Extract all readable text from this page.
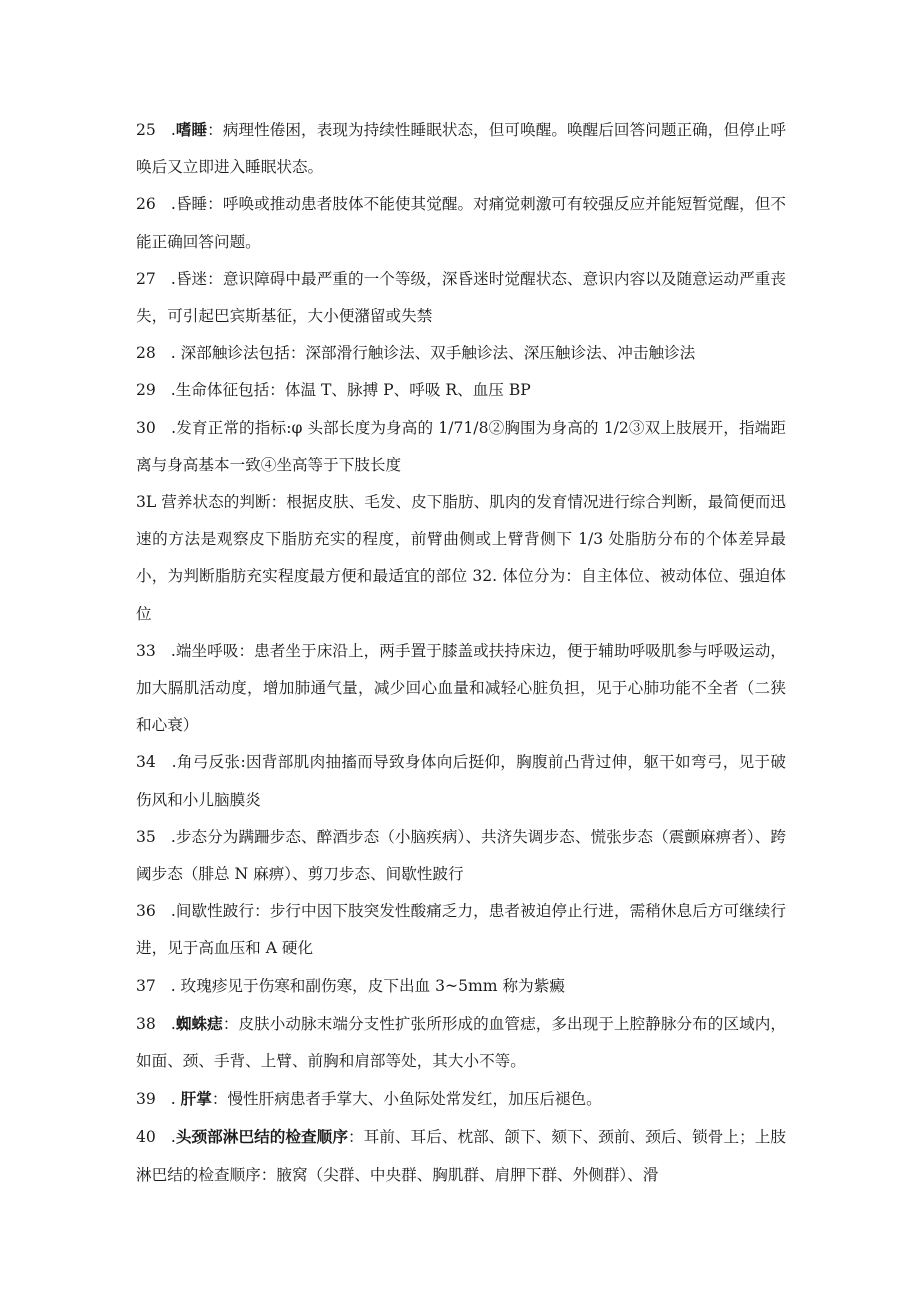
25   .嗜睡：病理性倦困，表现为持续性睡眠状态，但可唤醒。唤醒后回答问题正确，但停止呼唤后又立即进入睡眠状态。

26   .昏睡：呼唤或推动患者肢体不能使其觉醒。对痛觉刺激可有较强反应并能短暂觉醒，但不能正确回答问题。

27   .昏迷：意识障碍中最严重的一个等级，深昏迷时觉醒状态、意识内容以及随意运动严重丧失，可引起巴宾斯基征，大小便潴留或失禁

28   . 深部触诊法包括：深部滑行触诊法、双手触诊法、深压触诊法、冲击触诊法

29   .生命体征包括：体温 T、脉搏 P、呼吸 R、血压 BP

30   .发育正常的指标:φ 头部长度为身高的 1/71/8②胸围为身高的 1/2③双上肢展开，指端距离与身高基本一致④坐高等于下肢长度

3L 营养状态的判断：根据皮肤、毛发、皮下脂肪、肌肉的发育情况进行综合判断，最简便而迅速的方法是观察皮下脂肪充实的程度，前臂曲侧或上臂背侧下 1/3 处脂肪分布的个体差异最小，为判断脂肪充实程度最方便和最适宜的部位 32. 体位分为：自主体位、被动体位、强迫体位

33   .端坐呼吸：患者坐于床沿上，两手置于膝盖或扶持床边，便于辅助呼吸肌参与呼吸运动，加大膈肌活动度，增加肺通气量，减少回心血量和减轻心脏负担，见于心肺功能不全者（二狭和心衰）

34   .角弓反张:因背部肌肉抽搐而导致身体向后挺仰，胸腹前凸背过伸，躯干如弯弓，见于破伤风和小儿脑膜炎

35   .步态分为蹒跚步态、醉酒步态（小脑疾病）、共济失调步态、慌张步态（震颤麻痹者）、跨阈步态（腓总 N 麻痹）、剪刀步态、间歇性跛行

36   .间歇性跛行：步行中因下肢突发性酸痛乏力，患者被迫停止行进，需稍休息后方可继续行进，见于高血压和 A 硬化

37   . 玫瑰疹见于伤寒和副伤寒，皮下出血 3~5mm 称为紫癜

38   .蜘蛛痣：皮肤小动脉末端分支性扩张所形成的血管痣，多出现于上腔静脉分布的区域内，如面、颈、手背、上臂、前胸和肩部等处，其大小不等。

39   . 肝掌：慢性肝病患者手掌大、小鱼际处常发红，加压后褪色。

40   .头颈部淋巴结的检查顺序：耳前、耳后、枕部、颌下、颏下、颈前、颈后、锁骨上；上肢淋巴结的检查顺序：腋窝（尖群、中央群、胸肌群、肩胛下群、外侧群）、滑
